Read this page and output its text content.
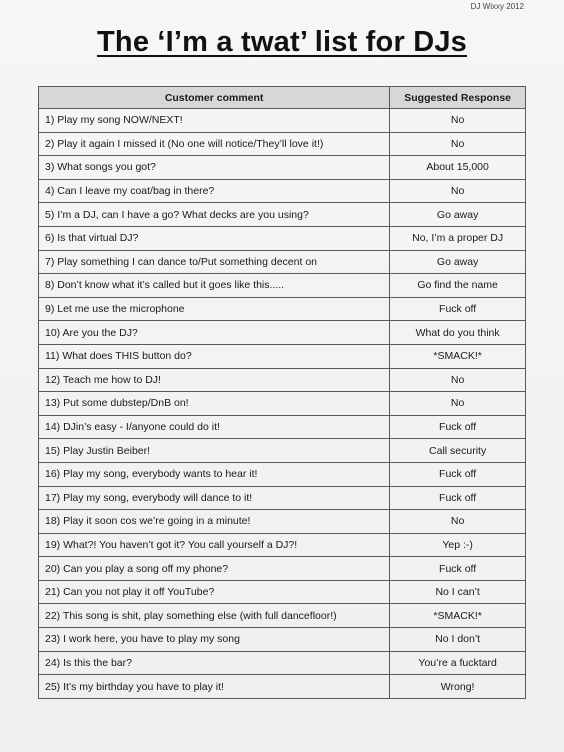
DJ Wixxy 2012
The ‘I’m a twat’ list for DJs
Customer comment	Suggested Response
1) Play my song NOW/NEXT!	No
2) Play it again I missed it (No one will notice/They’ll love it!)	No
3) What songs you got?	About 15,000
4) Can I leave my coat/bag in there?	No
5) I’m a DJ, can I have a go? What decks are you using?	Go away
6) Is that virtual DJ?	No, I’m a proper DJ
7) Play something I can dance to/Put something decent on	Go away
8) Don’t know what it’s called but it goes like this.....	Go find the name
9) Let me use the microphone	Fuck off
10) Are you the DJ?	What do you think
11) What does THIS button do?	*SMACK!*
12) Teach me how to DJ!	No
13) Put some dubstep/DnB on!	No
14) DJin’s easy - I/anyone could do it!	Fuck off
15) Play Justin Beiber!	Call security
16) Play my song, everybody wants to hear it!	Fuck off
17) Play my song, everybody will dance to it!	Fuck off
18) Play it soon cos we’re going in a minute!	No
19) What?! You haven’t got it? You call yourself a DJ?!	Yep :-)
20) Can you play a song off my phone?	Fuck off
21) Can you not play it off YouTube?	No I can’t
22) This song is shit, play something else (with full dancefloor!)	*SMACK!*
23) I work here, you have to play my song	No I don’t
24) Is this the bar?	You’re a fucktard
25) It’s my birthday you have to play it!	Wrong!
